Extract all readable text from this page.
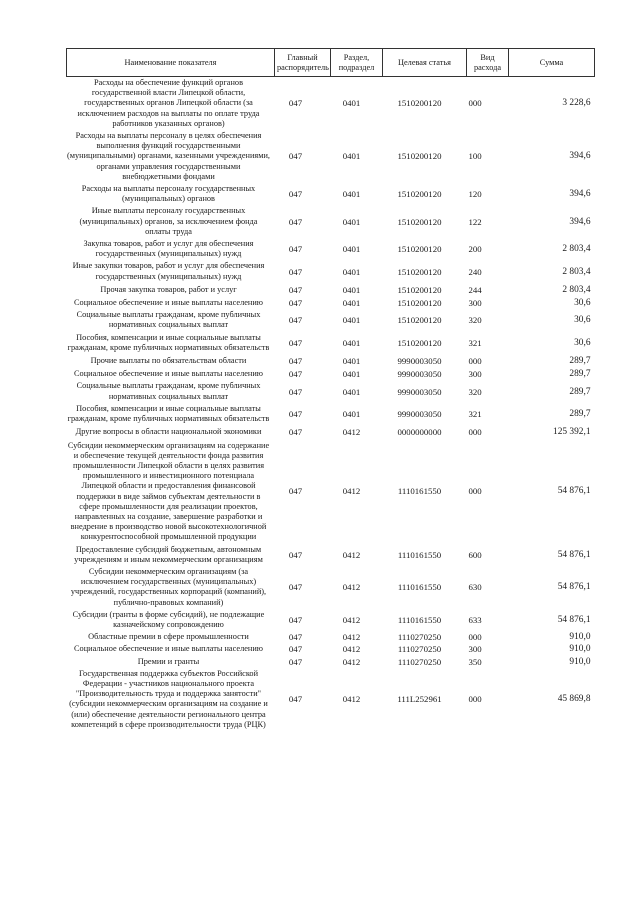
Наименование показателя	Главный распорядитель	Раздел, подраздел	Целевая статья	Вид расхода	Сумма
Расходы на обеспечение функций органов государственной власти Липецкой области, государственных органов Липецкой области (за исключением расходов на выплаты по оплате труда работников указанных органов)	047	0401	1510200120	000	3 228,6
Расходы на выплаты персоналу в целях обеспечения выполнения функций государственными (муниципальными) органами, казенными учреждениями, органами управления государственными внебюджетными фондами	047	0401	1510200120	100	394,6
Расходы на выплаты персоналу государственных (муниципальных) органов	047	0401	1510200120	120	394,6
Иные выплаты персоналу государственных (муниципальных) органов, за исключением фонда оплаты труда	047	0401	1510200120	122	394,6
Закупка товаров, работ и услуг для обеспечения государственных (муниципальных) нужд	047	0401	1510200120	200	2 803,4
Иные закупки товаров, работ и услуг для обеспечения государственных (муниципальных) нужд	047	0401	1510200120	240	2 803,4
Прочая закупка товаров, работ и услуг	047	0401	1510200120	244	2 803,4
Социальное обеспечение и иные выплаты населению	047	0401	1510200120	300	30,6
Социальные выплаты гражданам, кроме публичных нормативных социальных выплат	047	0401	1510200120	320	30,6
Пособия, компенсации и иные социальные выплаты гражданам, кроме публичных нормативных обязательств	047	0401	1510200120	321	30,6
Прочие выплаты по обязательствам области	047	0401	9990003050	000	289,7
Социальное обеспечение и иные выплаты населению	047	0401	9990003050	300	289,7
Социальные выплаты гражданам, кроме публичных нормативных социальных выплат	047	0401	9990003050	320	289,7
Пособия, компенсации и иные социальные выплаты гражданам, кроме публичных нормативных обязательств	047	0401	9990003050	321	289,7
Другие вопросы в области национальной экономики	047	0412	0000000000	000	125 392,1
Субсидии некоммерческим организациям на содержание и обеспечение текущей деятельности фонда развития промышленности Липецкой области в целях развития промышленного и инвестиционного потенциала Липецкой области и предоставления финансовой поддержки в виде займов субъектам деятельности в сфере промышленности для реализации проектов, направленных на создание, завершение разработки и внедрение в производство новой высокотехнологичной конкурентоспособной промышленной продукции	047	0412	1110161550	000	54 876,1
Предоставление субсидий бюджетным, автономным учреждениям и иным некоммерческим организациям	047	0412	1110161550	600	54 876,1
Субсидии некоммерческим организациям (за исключением государственных (муниципальных) учреждений, государственных корпораций (компаний), публично-правовых компаний)	047	0412	1110161550	630	54 876,1
Субсидии (гранты в форме субсидий), не подлежащие казначейскому сопровождению	047	0412	1110161550	633	54 876,1
Областные премии в сфере промышленности	047	0412	1110270250	000	910,0
Социальное обеспечение и иные выплаты населению	047	0412	1110270250	300	910,0
Премии и гранты	047	0412	1110270250	350	910,0
Государственная поддержка субъектов Российской Федерации - участников национального проекта "Производительность труда и поддержка занятости" (субсидии некоммерческим организациям на создание и (или) обеспечение деятельности регионального центра компетенций в сфере производительности труда (РЦК)	047	0412	111L252961	000	45 869,8
